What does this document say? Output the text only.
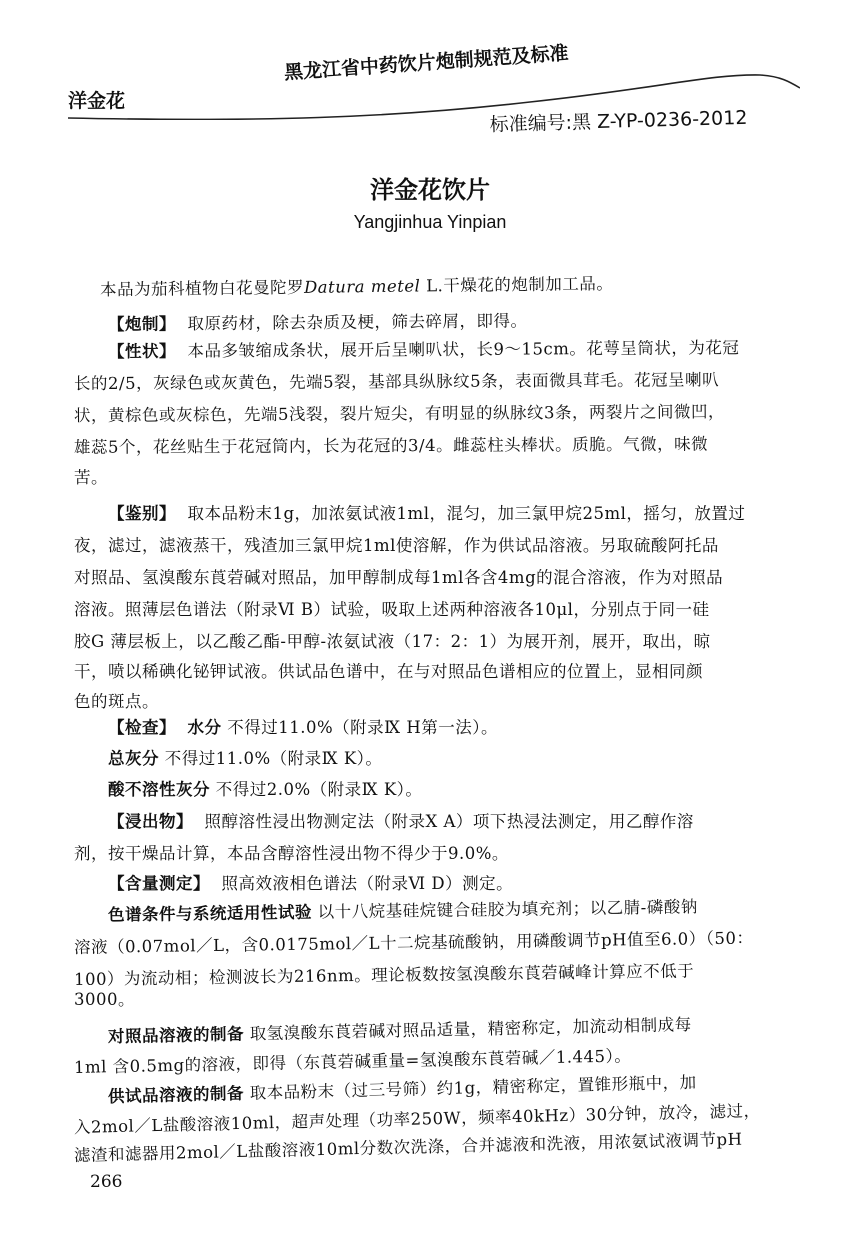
洋金花
黑龙江省中药饮片炮制规范及标准
标准编号:黑 Z-YP-0236-2012
洋金花饮片
Yangjinhua Yinpian
本品为茄科植物白花曼陀罗Datura metel L.干燥花的炮制加工品。
【炮制】 取原药材，除去杂质及梗，筛去碎屑，即得。
【性状】 本品多皱缩成条状，展开后呈喇叭状，长9～15cm。花萼呈筒状，为花冠
长的2/5，灰绿色或灰黄色，先端5裂，基部具纵脉纹5条，表面微具茸毛。花冠呈喇叭
状，黄棕色或灰棕色，先端5浅裂，裂片短尖，有明显的纵脉纹3条，两裂片之间微凹，
雄蕊5个，花丝贴生于花冠筒内，长为花冠的3/4。雌蕊柱头棒状。质脆。气微，味微
苦。
【鉴别】 取本品粉末1g，加浓氨试液1ml，混匀，加三氯甲烷25ml，摇匀，放置过
夜，滤过，滤液蒸干，残渣加三氯甲烷1ml使溶解，作为供试品溶液。另取硫酸阿托品
对照品、氢溴酸东莨菪碱对照品，加甲醇制成每1ml各含4mg的混合溶液，作为对照品
溶液。照薄层色谱法（附录Ⅵ B）试验，吸取上述两种溶液各10μl，分别点于同一硅
胶G 薄层板上，以乙酸乙酯-甲醇-浓氨试液（17：2：1）为展开剂，展开，取出，晾
干，喷以稀碘化铋钾试液。供试品色谱中，在与对照品色谱相应的位置上，显相同颜
色的斑点。
【检查】 水分 不得过11.0%（附录Ⅸ H第一法）。
总灰分 不得过11.0%（附录Ⅸ K）。
酸不溶性灰分 不得过2.0%（附录Ⅸ K）。
【浸出物】 照醇溶性浸出物测定法（附录Ⅹ A）项下热浸法测定，用乙醇作溶
剂，按干燥品计算，本品含醇溶性浸出物不得少于9.0%。
【含量测定】 照高效液相色谱法（附录Ⅵ D）测定。
色谱条件与系统适用性试验 以十八烷基硅烷键合硅胶为填充剂；以乙腈-磷酸钠
溶液（0.07mol／L，含0.0175mol／L十二烷基硫酸钠，用磷酸调节pH值至6.0）（50：
100）为流动相；检测波长为216nm。理论板数按氢溴酸东莨菪碱峰计算应不低于
3000。
对照品溶液的制备 取氢溴酸东莨菪碱对照品适量，精密称定，加流动相制成每
1ml 含0.5mg的溶液，即得（东莨菪碱重量=氢溴酸东莨菪碱／1.445）。
供试品溶液的制备 取本品粉末（过三号筛）约1g，精密称定，置锥形瓶中，加
入2mol／L盐酸溶液10ml，超声处理（功率250W，频率40kHz）30分钟，放冷，滤过，
滤渣和滤器用2mol／L盐酸溶液10ml分数次洗涤，合并滤液和洗液，用浓氨试液调节pH
266
